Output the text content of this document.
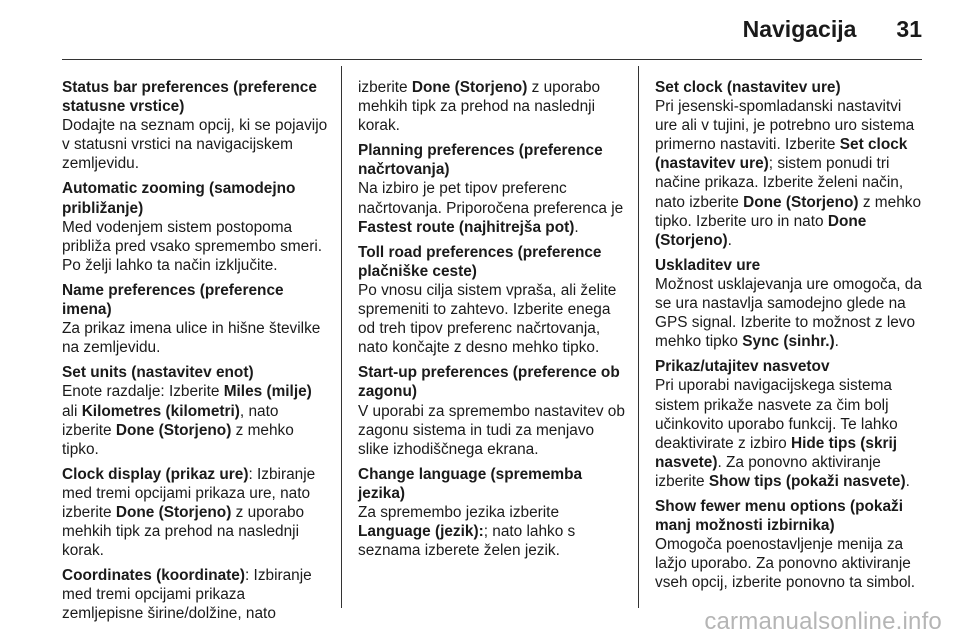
Navigacija 31
Status bar preferences (preference statusne vrstice)
Dodajte na seznam opcij, ki se pojavijo v statusni vrstici na navigacijskem zemljevidu.
Automatic zooming (samodejno približanje)
Med vodenjem sistem postopoma približa pred vsako spremembo smeri. Po želji lahko ta način izključite.
Name preferences (preference imena)
Za prikaz imena ulice in hišne številke na zemljevidu.
Set units (nastavitev enot)
Enote razdalje: Izberite Miles (milje) ali Kilometres (kilometri), nato izberite Done (Storjeno) z mehko tipko.
Clock display (prikaz ure): Izbiranje med tremi opcijami prikaza ure, nato izberite Done (Storjeno) z uporabo mehkih tipk za prehod na naslednji korak.
Coordinates (koordinate): Izbiranje med tremi opcijami prikaza zemljepisne širine/dolžine, nato
izberite Done (Storjeno) z uporabo mehkih tipk za prehod na naslednji korak.
Planning preferences (preference načrtovanja)
Na izbiro je pet tipov preferenc načrtovanja. Priporočena preferenca je Fastest route (najhitrejša pot).
Toll road preferences (preference plačniške ceste)
Po vnosu cilja sistem vpraša, ali želite spremeniti to zahtevo. Izberite enega od treh tipov preferenc načrtovanja, nato končajte z desno mehko tipko.
Start-up preferences (preference ob zagonu)
V uporabi za spremembo nastavitev ob zagonu sistema in tudi za menjavo slike izhodiščnega ekrana.
Change language (sprememba jezika)
Za spremembo jezika izberite Language (jezik):; nato lahko s seznama izberete želen jezik.
Set clock (nastavitev ure)
Pri jesenski-spomladanski nastavitvi ure ali v tujini, je potrebno uro sistema primerno nastaviti. Izberite Set clock (nastavitev ure); sistem ponudi tri načine prikaza. Izberite želeni način, nato izberite Done (Storjeno) z mehko tipko. Izberite uro in nato Done (Storjeno).
Uskladitev ure
Možnost usklajevanja ure omogoča, da se ura nastavlja samodejno glede na GPS signal. Izberite to možnost z levo mehko tipko Sync (sinhr.).
Prikaz/utajitev nasvetov
Pri uporabi navigacijskega sistema sistem prikaže nasvete za čim bolj učinkovito uporabo funkcij. Te lahko deaktivirate z izbiro Hide tips (skrij nasvete). Za ponovno aktiviranje izberite Show tips (pokaži nasvete).
Show fewer menu options (pokaži manj možnosti izbirnika)
Omogoča poenostavljenje menija za lažjo uporabo. Za ponovno aktiviranje vseh opcij, izberite ponovno ta simbol.
carmanualsonline.info
